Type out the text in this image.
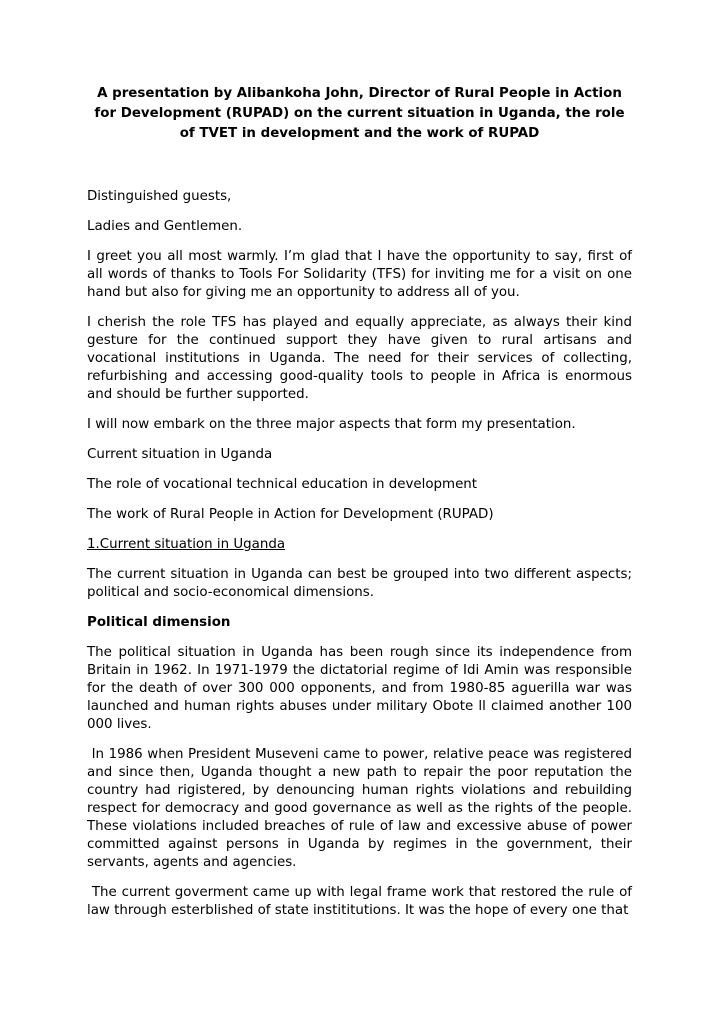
A presentation by Alibankoha John, Director of Rural People in Action for Development (RUPAD) on the current situation in Uganda, the role of TVET in development and the work of RUPAD

Distinguished guests,

Ladies and Gentlemen.

I greet you all most warmly. I’m glad that I have the opportunity to say, first of all words of thanks to Tools For Solidarity (TFS) for inviting me for a visit on one hand but also for giving me an opportunity to address all of you.

I cherish the role TFS has played and equally appreciate, as always their kind gesture for the continued support they have given to rural artisans and vocational institutions in Uganda. The need for their services of collecting, refurbishing and accessing good-quality tools to people in Africa is enormous and should be further supported.

I will now embark on the three major aspects that form my presentation.

Current situation in Uganda

The role of vocational technical education in development

The work of Rural People in Action for Development (RUPAD)

1.Current situation in Uganda

The current situation in Uganda can best be grouped into two different aspects; political and socio-economical dimensions.

Political dimension

The political situation in Uganda has been rough since its independence from Britain in 1962. In 1971-1979 the dictatorial regime of Idi Amin was responsible for the death of over 300 000 opponents, and from 1980-85 aguerilla war was launched and human rights abuses under military Obote ll claimed another 100 000 lives.

In 1986 when President Museveni came to power, relative peace was registered and since then, Uganda thought a new path to repair the poor reputation the country had rigistered, by denouncing human rights violations and rebuilding respect for democracy and good governance as well as the rights of the people. These violations included breaches of rule of law and excessive abuse of power committed against persons in Uganda by regimes in the government, their servants, agents and agencies.

The current goverment came up with legal frame work that restored the rule of law through esterblished of state instititutions. It was the hope of every one that
